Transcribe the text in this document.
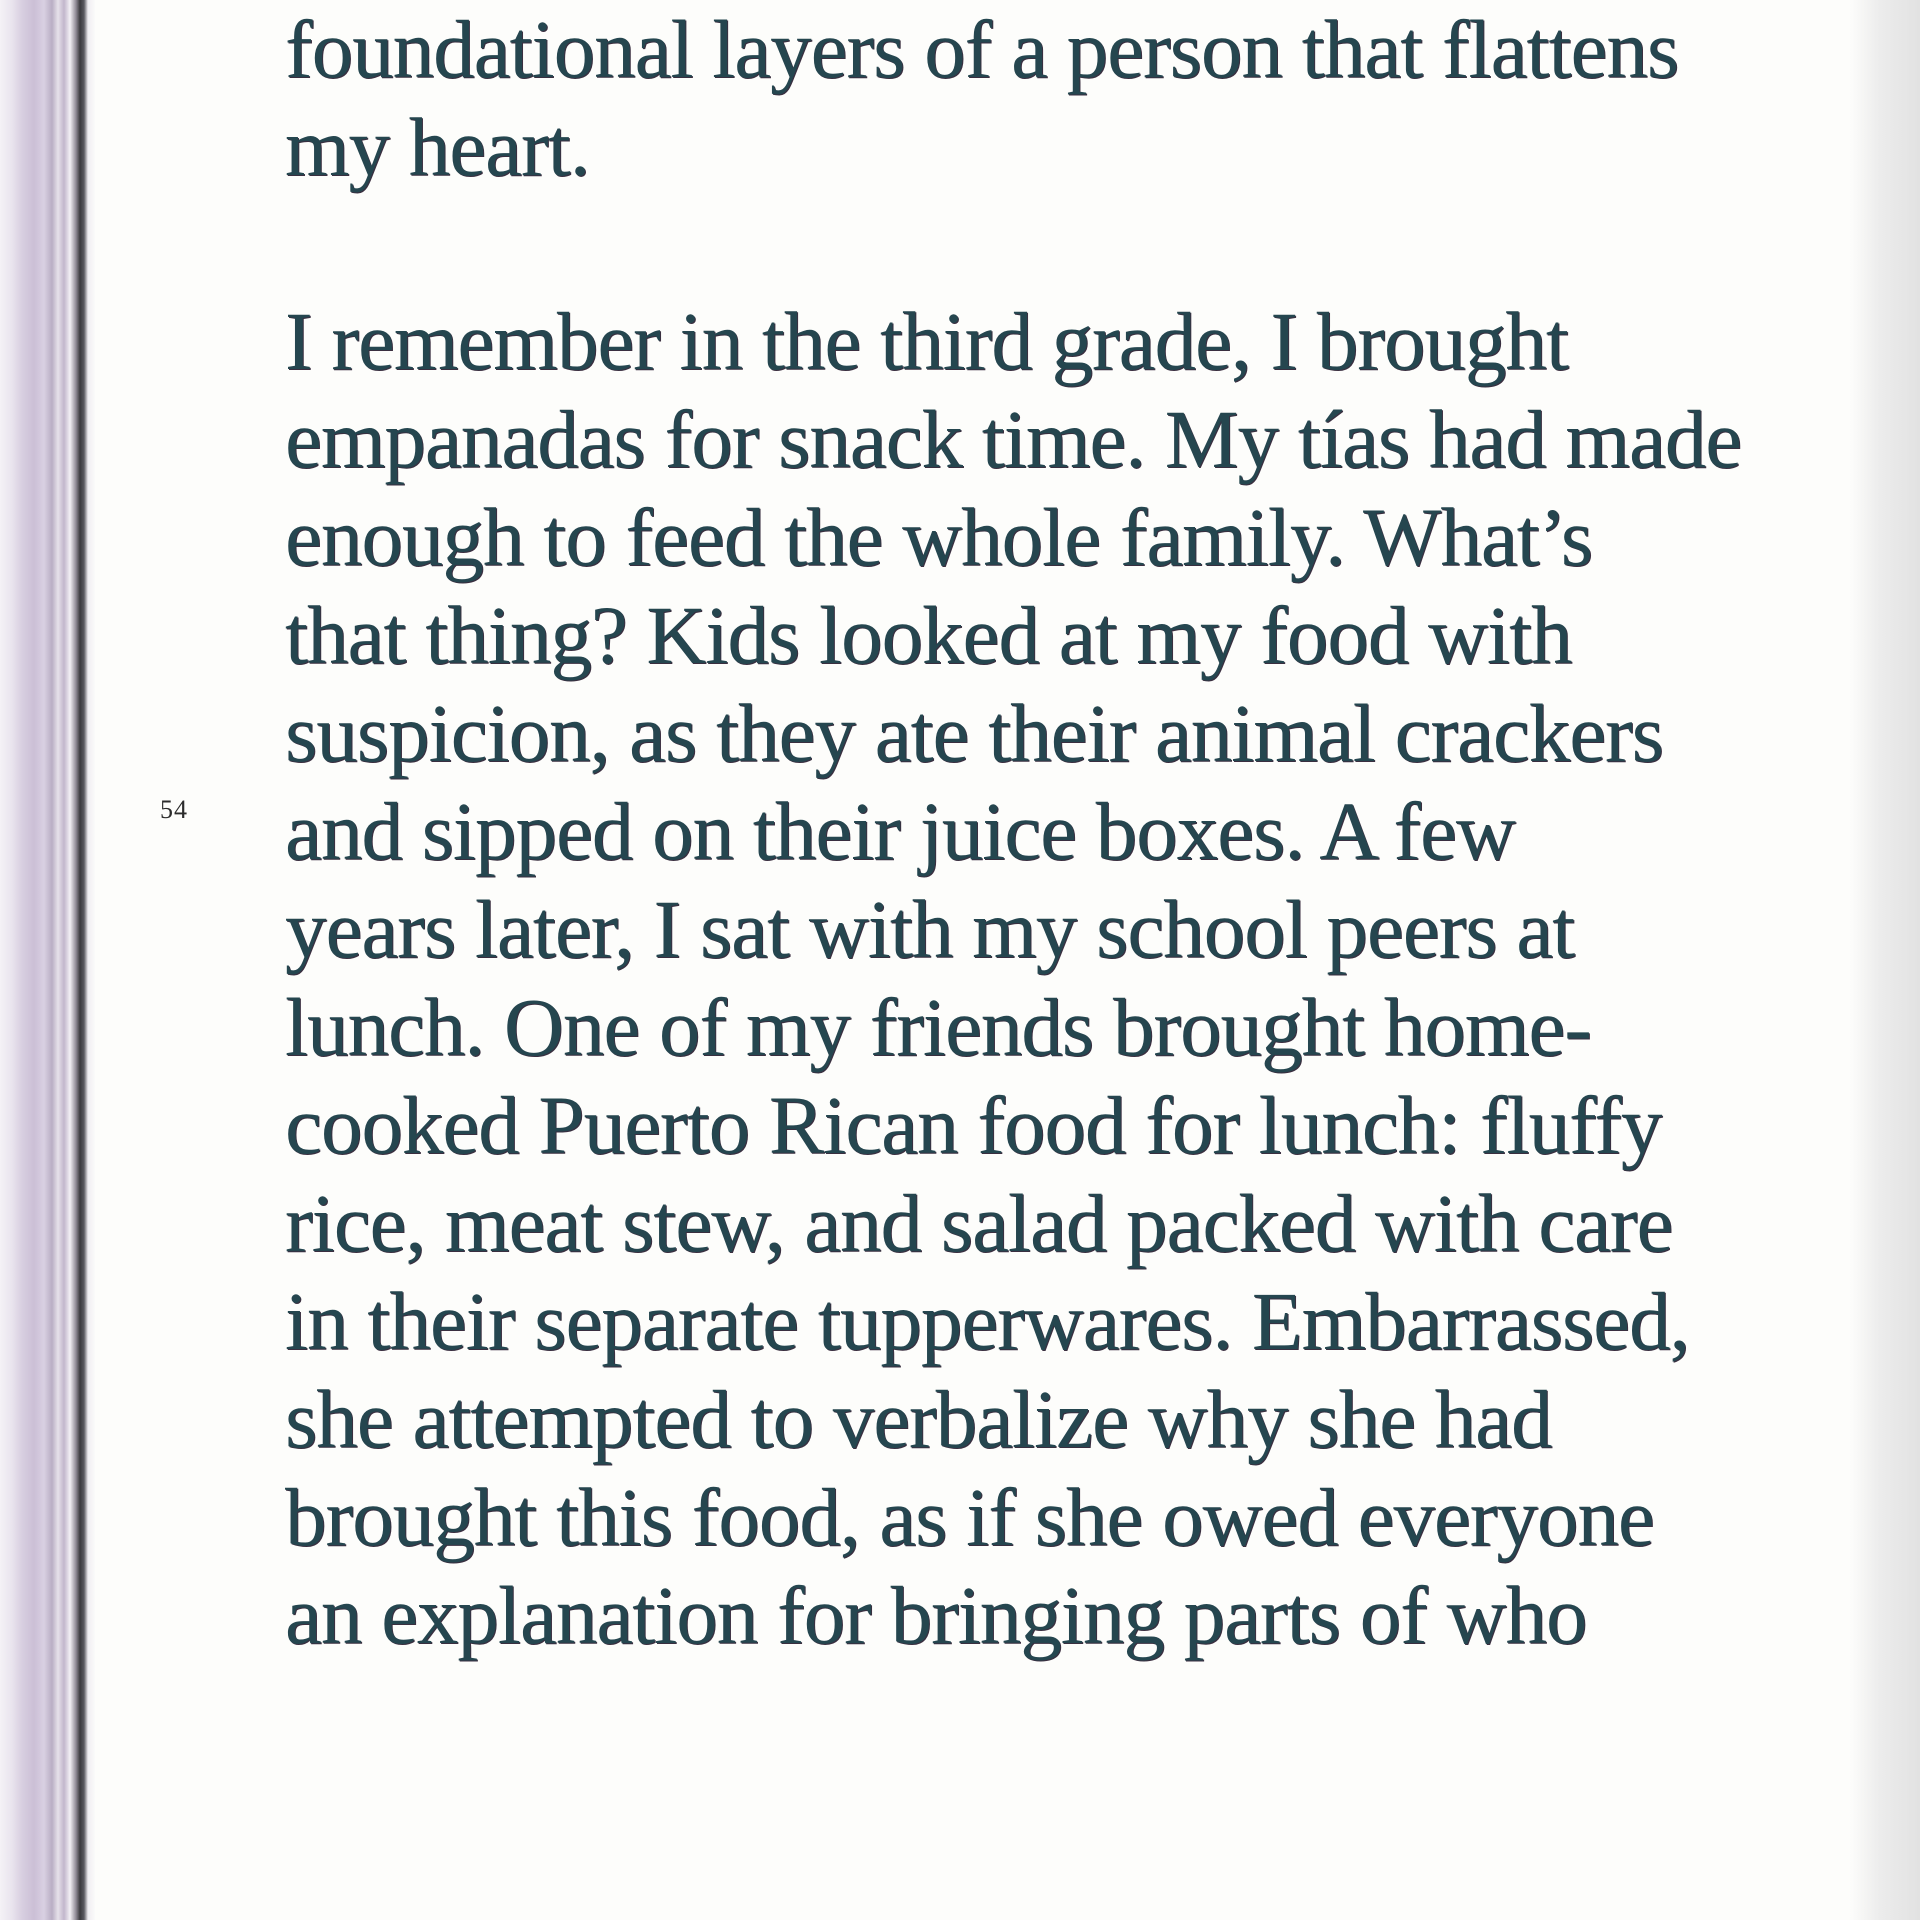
54

foundational layers of a person that flattens
my heart.

I remember in the third grade, I brought
empanadas for snack time. My tías had made
enough to feed the whole family. What’s
that thing? Kids looked at my food with
suspicion, as they ate their animal crackers
and sipped on their juice boxes. A few
years later, I sat with my school peers at
lunch. One of my friends brought home-
cooked Puerto Rican food for lunch: fluffy
rice, meat stew, and salad packed with care
in their separate tupperwares. Embarrassed,
she attempted to verbalize why she had
brought this food, as if she owed everyone
an explanation for bringing parts of who
